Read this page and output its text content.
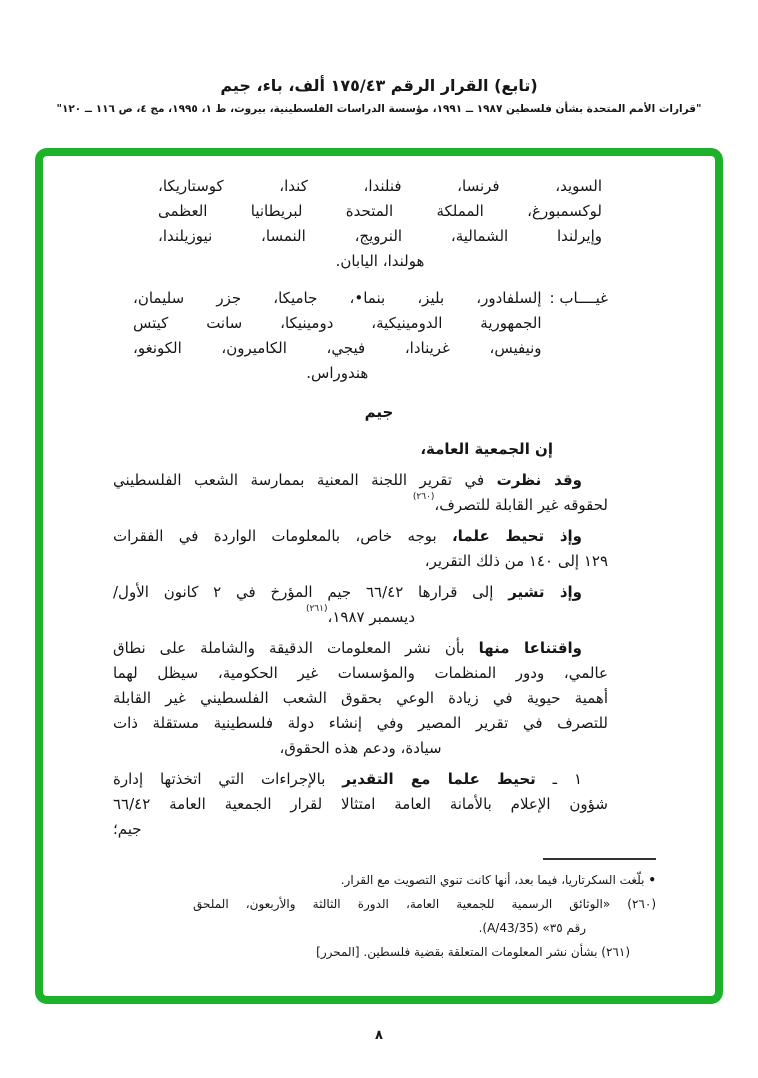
(تابع) القرار الرقم ١٧٥/٤٣ ألف، باء، جيم
"قرارات الأمم المتحدة بشأن فلسطين ١٩٨٧ ــ ١٩٩١، مؤسسة الدراسات الفلسطينية، بيروت، ط ١، ١٩٩٥، مج ٤، ص ١١٦ ــ ١٢٠"
السويد، فرنسا، فنلندا، كندا، كوستاريكا،
لوكسمبورغ، المملكة المتحدة لبريطانيا العظمى
وإيرلندا الشمالية، النرويج، النمسا، نيوزيلندا،
هولندا، اليابان.
غيــــاب :
إلسلفادور، بليز، بنما•، جاميكا، جزر سليمان،
الجمهورية الدومينيكية، دومينيكا، سانت كيتس
ونيفيس، غرينادا، فيجي، الكاميرون، الكونغو،
هندوراس.
جيم
إن الجمعية العامة،
وقد نظرت في تقرير اللجنة المعنية بممارسة الشعب الفلسطيني
لحقوقه غير القابلة للتصرف،$^{(٢٦٠)}$
وإذ تحيط علما، بوجه خاص، بالمعلومات الواردة في الفقرات
١٢٩ إلى ١٤٠ من ذلك التقرير،
وإذ تشير إلى قرارها ٦٦/٤٢ جيم المؤرخ في ٢ كانون الأول/
ديسمبر ١٩٨٧،$^{(٢٦١)}$
واقتناعا منها بأن نشر المعلومات الدقيقة والشاملة على نطاق
عالمي، ودور المنظمات والمؤسسات غير الحكومية، سيظل لهما
أهمية حيوية في زيادة الوعي بحقوق الشعب الفلسطيني غير القابلة
للتصرف في تقرير المصير وفي إنشاء دولة فلسطينية مستقلة ذات
سيادة، ودعم هذه الحقوق،
١ ـ تحيط علما مع التقدير بالإجراءات التي اتخذتها إدارة
شؤون الإعلام بالأمانة العامة امتثالا لقرار الجمعية العامة ٦٦/٤٢
جيم؛
• بلّغت السكرتاريا، فيما بعد، أنها كانت تنوي التصويت مع القرار.
(٢٦٠) «الوثائق الرسمية للجمعية العامة، الدورة الثالثة والأربعون، الملحق
رقم ٣٥» (A/43/35).
(٢٦١) بشأن نشر المعلومات المتعلقة بقضية فلسطين. [المحرر]
٨
